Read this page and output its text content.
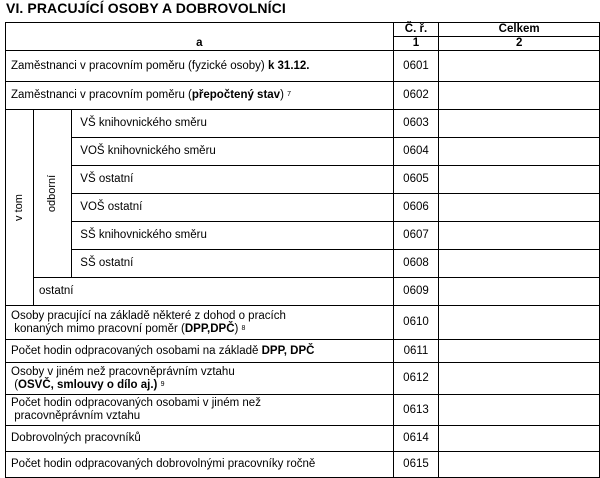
VI. PRACUJÍCÍ OSOBY A DOBROVOLNÍCI
			Č. ř.	Celkem
a			1	2
Zaměstnanci v pracovním poměru (fyzické osoby) k 31.12.			0601	
Zaměstnanci v pracovním poměru (přepočtený stav) $^7$			0602	
v tom	odborní	VŠ knihovnického směru	0603	
		VOŠ knihovnického směru	0604	
		VŠ ostatní	0605	
		VOŠ ostatní	0606	
		SŠ knihovnického směru	0607	
		SŠ ostatní	0608	
	ostatní		0609	
Osoby pracující na základě některé z dohod o pracích
konaných mimo pracovní poměr (DPP,DPČ) $^8$			0610	
Počet hodin odpracovaných osobami na základě DPP, DPČ			0611	
Osoby v jiném než pracovněprávním vztahu
(OSVČ, smlouvy o dílo aj.) $^9$			0612	
Počet hodin odpracovaných osobami v jiném než
pracovněprávním vztahu			0613	
Dobrovolných pracovníků			0614	
Počet hodin odpracovaných dobrovolnými pracovníky ročně			0615	
